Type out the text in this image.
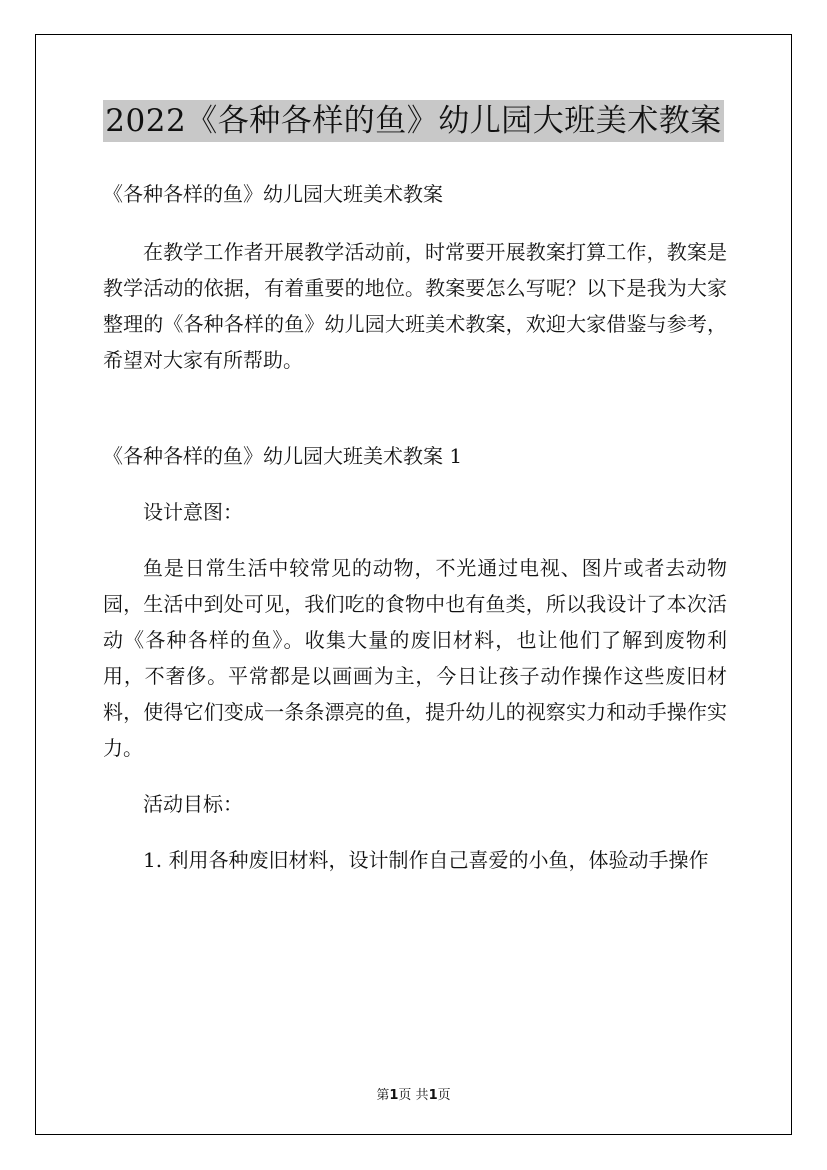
2022《各种各样的鱼》幼儿园大班美术教案

《各种各样的鱼》幼儿园大班美术教案

在教学工作者开展教学活动前，时常要开展教案打算工作，教案是教学活动的依据，有着重要的地位。教案要怎么写呢？以下是我为大家整理的《各种各样的鱼》幼儿园大班美术教案，欢迎大家借鉴与参考，希望对大家有所帮助。

《各种各样的鱼》幼儿园大班美术教案 1

设计意图：

鱼是日常生活中较常见的动物，不光通过电视、图片或者去动物园，生活中到处可见，我们吃的食物中也有鱼类，所以我设计了本次活动《各种各样的鱼》。收集大量的废旧材料，也让他们了解到废物利用，不奢侈。平常都是以画画为主，今日让孩子动作操作这些废旧材料，使得它们变成一条条漂亮的鱼，提升幼儿的视察实力和动手操作实力。

活动目标：

1. 利用各种废旧材料，设计制作自己喜爱的小鱼，体验动手操作

第1页 共1页
